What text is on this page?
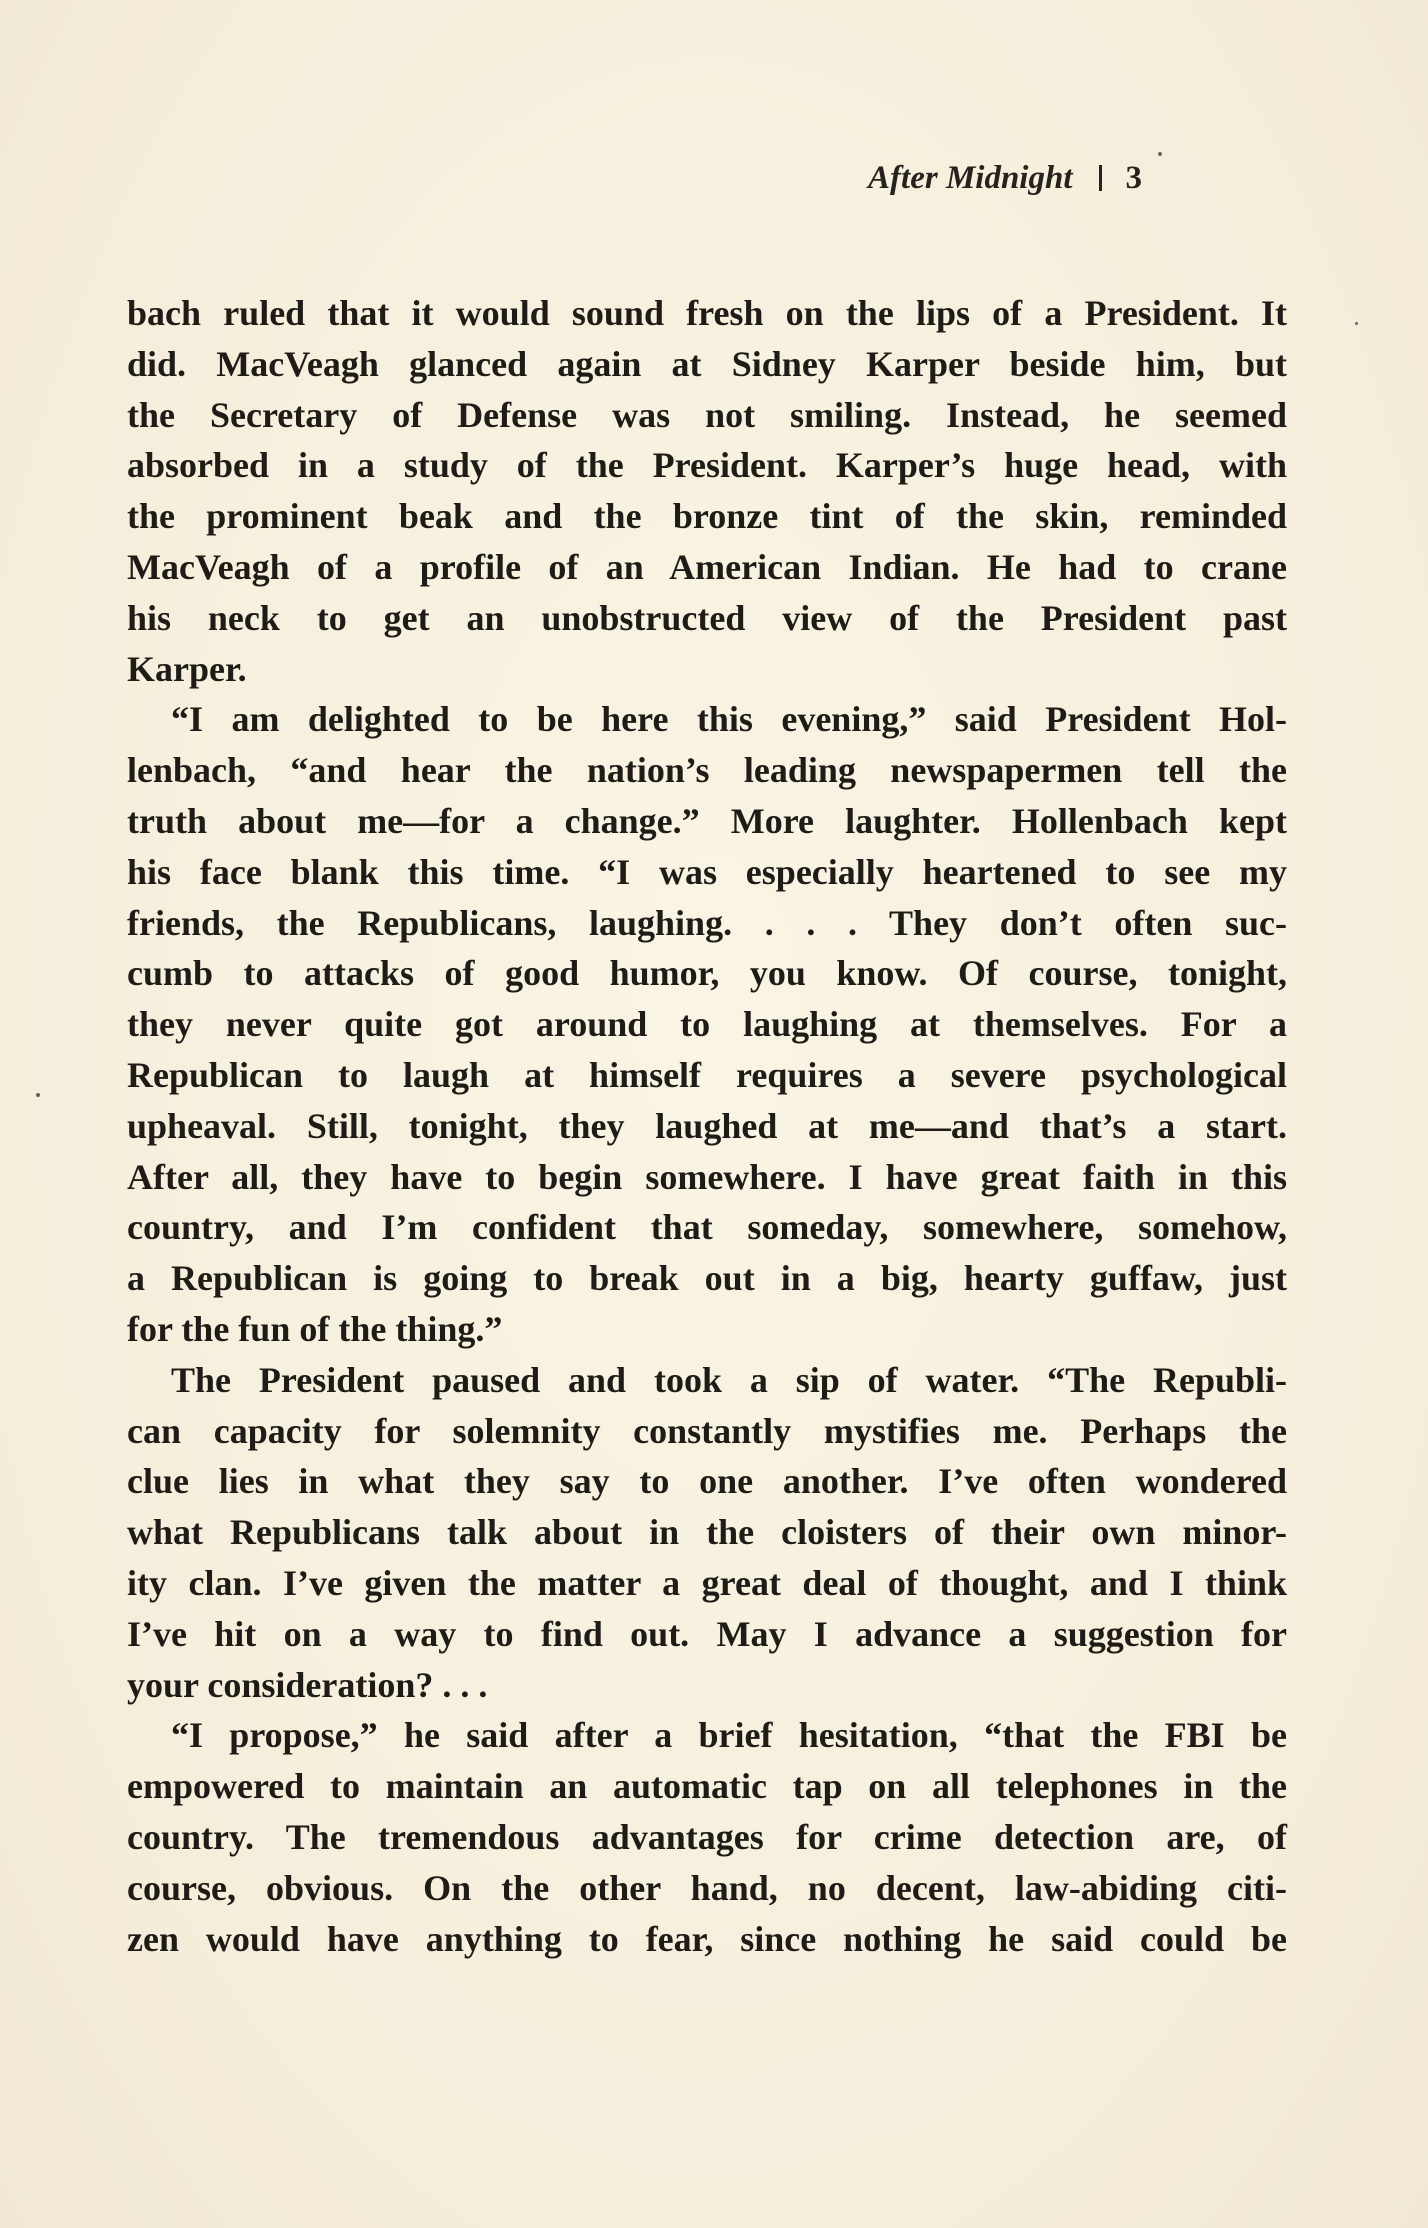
After Midnight 3
bach ruled that it would sound fresh on the lips of a President. It
did. MacVeagh glanced again at Sidney Karper beside him, but
the Secretary of Defense was not smiling. Instead, he seemed
absorbed in a study of the President. Karper’s huge head, with
the prominent beak and the bronze tint of the skin, reminded
MacVeagh of a profile of an American Indian. He had to crane
his neck to get an unobstructed view of the President past
Karper.
“I am delighted to be here this evening,” said President Hol-
lenbach, “and hear the nation’s leading newspapermen tell the
truth about me—for a change.” More laughter. Hollenbach kept
his face blank this time. “I was especially heartened to see my
friends, the Republicans, laughing. . . . They don’t often suc-
cumb to attacks of good humor, you know. Of course, tonight,
they never quite got around to laughing at themselves. For a
Republican to laugh at himself requires a severe psychological
upheaval. Still, tonight, they laughed at me—and that’s a start.
After all, they have to begin somewhere. I have great faith in this
country, and I’m confident that someday, somewhere, somehow,
a Republican is going to break out in a big, hearty guffaw, just
for the fun of the thing.”
The President paused and took a sip of water. “The Republi-
can capacity for solemnity constantly mystifies me. Perhaps the
clue lies in what they say to one another. I’ve often wondered
what Republicans talk about in the cloisters of their own minor-
ity clan. I’ve given the matter a great deal of thought, and I think
I’ve hit on a way to find out. May I advance a suggestion for
your consideration? . . .
“I propose,” he said after a brief hesitation, “that the FBI be
empowered to maintain an automatic tap on all telephones in the
country. The tremendous advantages for crime detection are, of
course, obvious. On the other hand, no decent, law-abiding citi-
zen would have anything to fear, since nothing he said could be
